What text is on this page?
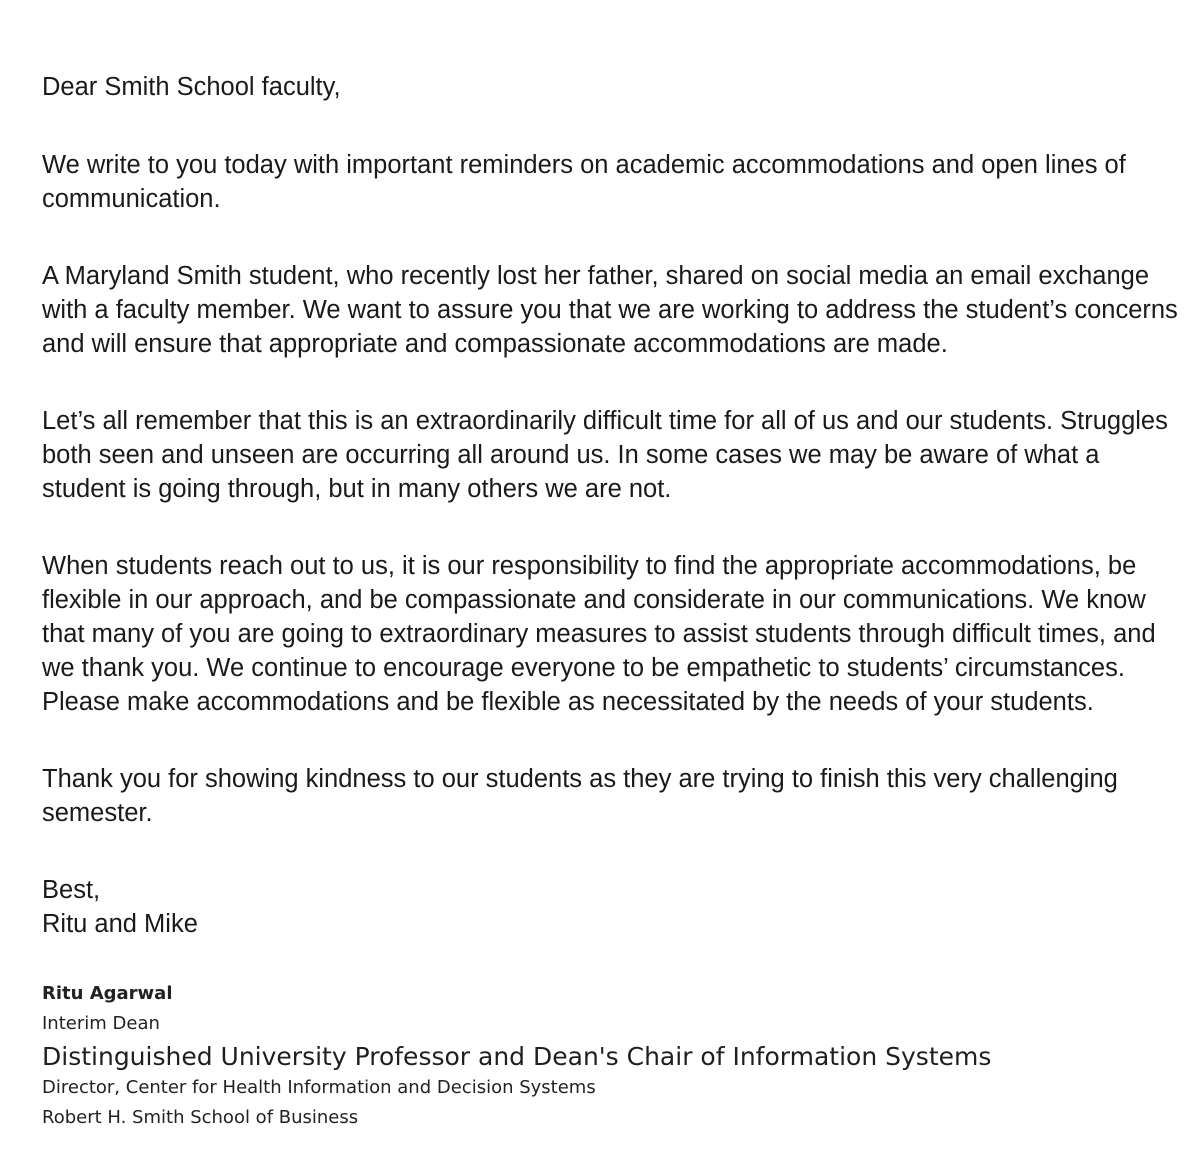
Dear Smith School faculty,

We write to you today with important reminders on academic accommodations and open lines of communication.

A Maryland Smith student, who recently lost her father, shared on social media an email exchange with a faculty member. We want to assure you that we are working to address the student’s concerns and will ensure that appropriate and compassionate accommodations are made.

Let’s all remember that this is an extraordinarily difficult time for all of us and our students. Struggles both seen and unseen are occurring all around us. In some cases we may be aware of what a student is going through, but in many others we are not.

When students reach out to us, it is our responsibility to find the appropriate accommodations, be flexible in our approach, and be compassionate and considerate in our communications. We know that many of you are going to extraordinary measures to assist students through difficult times, and we thank you. We continue to encourage everyone to be empathetic to students’ circumstances. Please make accommodations and be flexible as necessitated by the needs of your students.

Thank you for showing kindness to our students as they are trying to finish this very challenging semester.

Best,
Ritu and Mike
Ritu Agarwal
Interim Dean
Distinguished University Professor and Dean's Chair of Information Systems
Director, Center for Health Information and Decision Systems
Robert H. Smith School of Business
